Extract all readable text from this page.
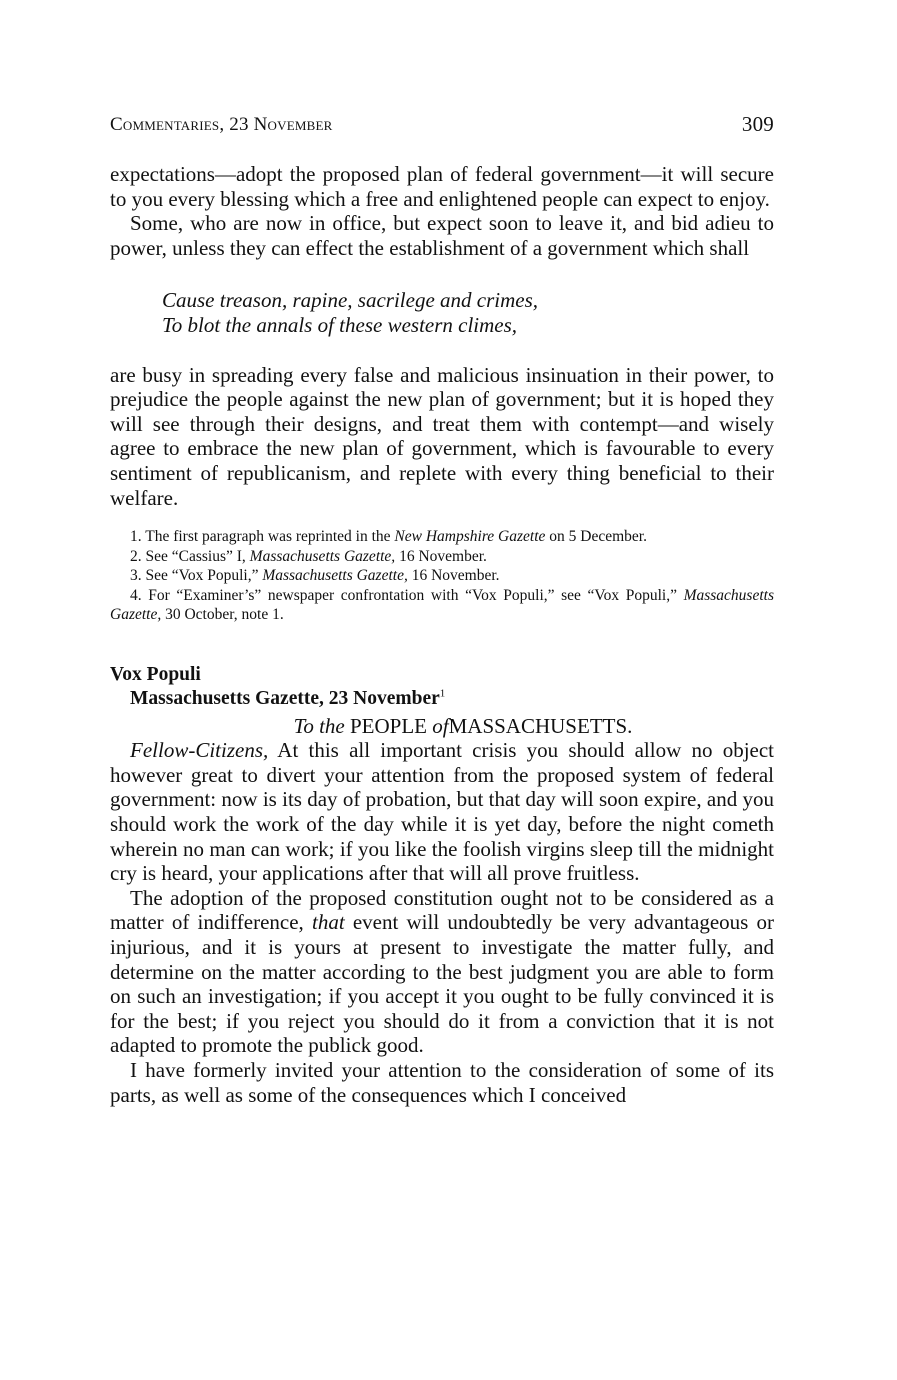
Commentaries, 23 November	309

expectations—adopt the proposed plan of federal government—it will secure to you every blessing which a free and enlightened people can expect to enjoy.

Some, who are now in office, but expect soon to leave it, and bid adieu to power, unless they can effect the establishment of a government which shall

Cause treason, rapine, sacrilege and crimes,
To blot the annals of these western climes,

are busy in spreading every false and malicious insinuation in their power, to prejudice the people against the new plan of government; but it is hoped they will see through their designs, and treat them with contempt—and wisely agree to embrace the new plan of government, which is favourable to every sentiment of republicanism, and replete with every thing beneficial to their welfare.

1. The first paragraph was reprinted in the New Hampshire Gazette on 5 December.

2. See “Cassius” I, Massachusetts Gazette, 16 November.

3. See “Vox Populi,” Massachusetts Gazette, 16 November.

4. For “Examiner’s” newspaper confrontation with “Vox Populi,” see “Vox Populi,” Massachusetts Gazette, 30 October, note 1.

Vox Populi
Massachusetts Gazette, 23 November$^1$
To the PEOPLE ofMASSACHUSETTS.

Fellow-Citizens, At this all important crisis you should allow no object however great to divert your attention from the proposed system of federal government: now is its day of probation, but that day will soon expire, and you should work the work of the day while it is yet day, before the night cometh wherein no man can work; if you like the foolish virgins sleep till the midnight cry is heard, your applications after that will all prove fruitless.

The adoption of the proposed constitution ought not to be considered as a matter of indifference, that event will undoubtedly be very advantageous or injurious, and it is yours at present to investigate the matter fully, and determine on the matter according to the best judgment you are able to form on such an investigation; if you accept it you ought to be fully convinced it is for the best; if you reject you should do it from a conviction that it is not adapted to promote the publick good.

I have formerly invited your attention to the consideration of some of its parts, as well as some of the consequences which I conceived
